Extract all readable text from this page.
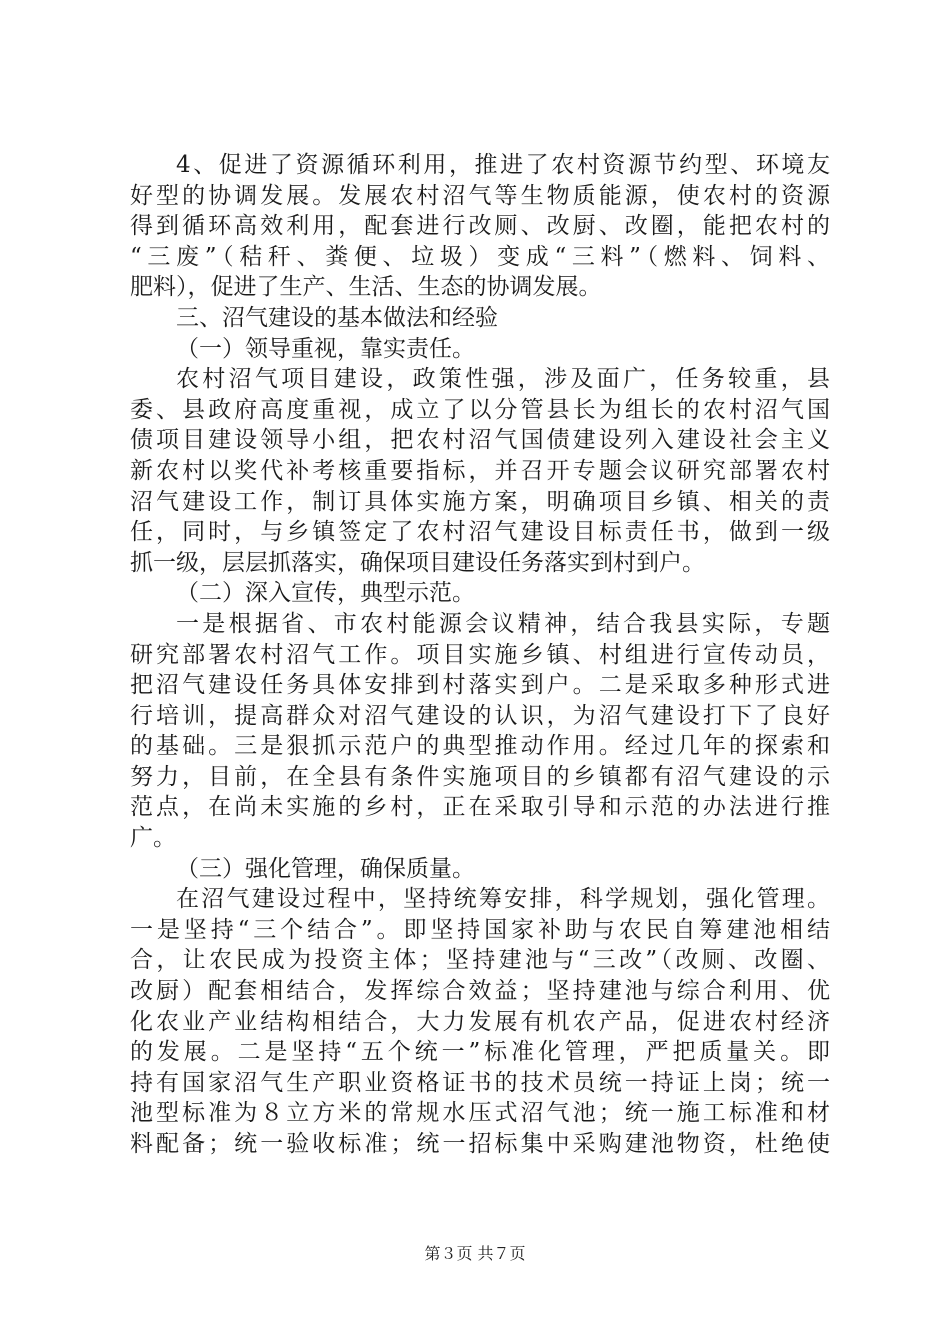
4、促进了资源循环利用，推进了农村资源节约型、环境友
好型的协调发展。发展农村沼气等生物质能源，使农村的资源
得到循环高效利用，配套进行改厕、改厨、改圈，能把农村的
“三废”（秸秆、粪便、垃圾）变成“三料”（燃料、饲料、
肥料），促进了生产、生活、生态的协调发展。
三、沼气建设的基本做法和经验
（一）领导重视，靠实责任。
农村沼气项目建设，政策性强，涉及面广，任务较重，县
委、县政府高度重视，成立了以分管县长为组长的农村沼气国
债项目建设领导小组，把农村沼气国债建设列入建设社会主义
新农村以奖代补考核重要指标，并召开专题会议研究部署农村
沼气建设工作，制订具体实施方案，明确项目乡镇、相关的责
任，同时，与乡镇签定了农村沼气建设目标责任书，做到一级
抓一级，层层抓落实，确保项目建设任务落实到村到户。
（二）深入宣传，典型示范。
一是根据省、市农村能源会议精神，结合我县实际，专题
研究部署农村沼气工作。项目实施乡镇、村组进行宣传动员，
把沼气建设任务具体安排到村落实到户。二是采取多种形式进
行培训，提高群众对沼气建设的认识，为沼气建设打下了良好
的基础。三是狠抓示范户的典型推动作用。经过几年的探索和
努力，目前，在全县有条件实施项目的乡镇都有沼气建设的示
范点，在尚未实施的乡村，正在采取引导和示范的办法进行推
广。
（三）强化管理，确保质量。
在沼气建设过程中，坚持统筹安排，科学规划，强化管理。
一是坚持“三个结合”。即坚持国家补助与农民自筹建池相结
合，让农民成为投资主体；坚持建池与“三改”（改厕、改圈、
改厨）配套相结合，发挥综合效益；坚持建池与综合利用、优
化农业产业结构相结合，大力发展有机农产品，促进农村经济
的发展。二是坚持“五个统一”标准化管理，严把质量关。即
持有国家沼气生产职业资格证书的技术员统一持证上岗；统一
池型标准为８立方米的常规水压式沼气池；统一施工标准和材
料配备；统一验收标准；统一招标集中采购建池物资，杜绝使
第３页 共７页
